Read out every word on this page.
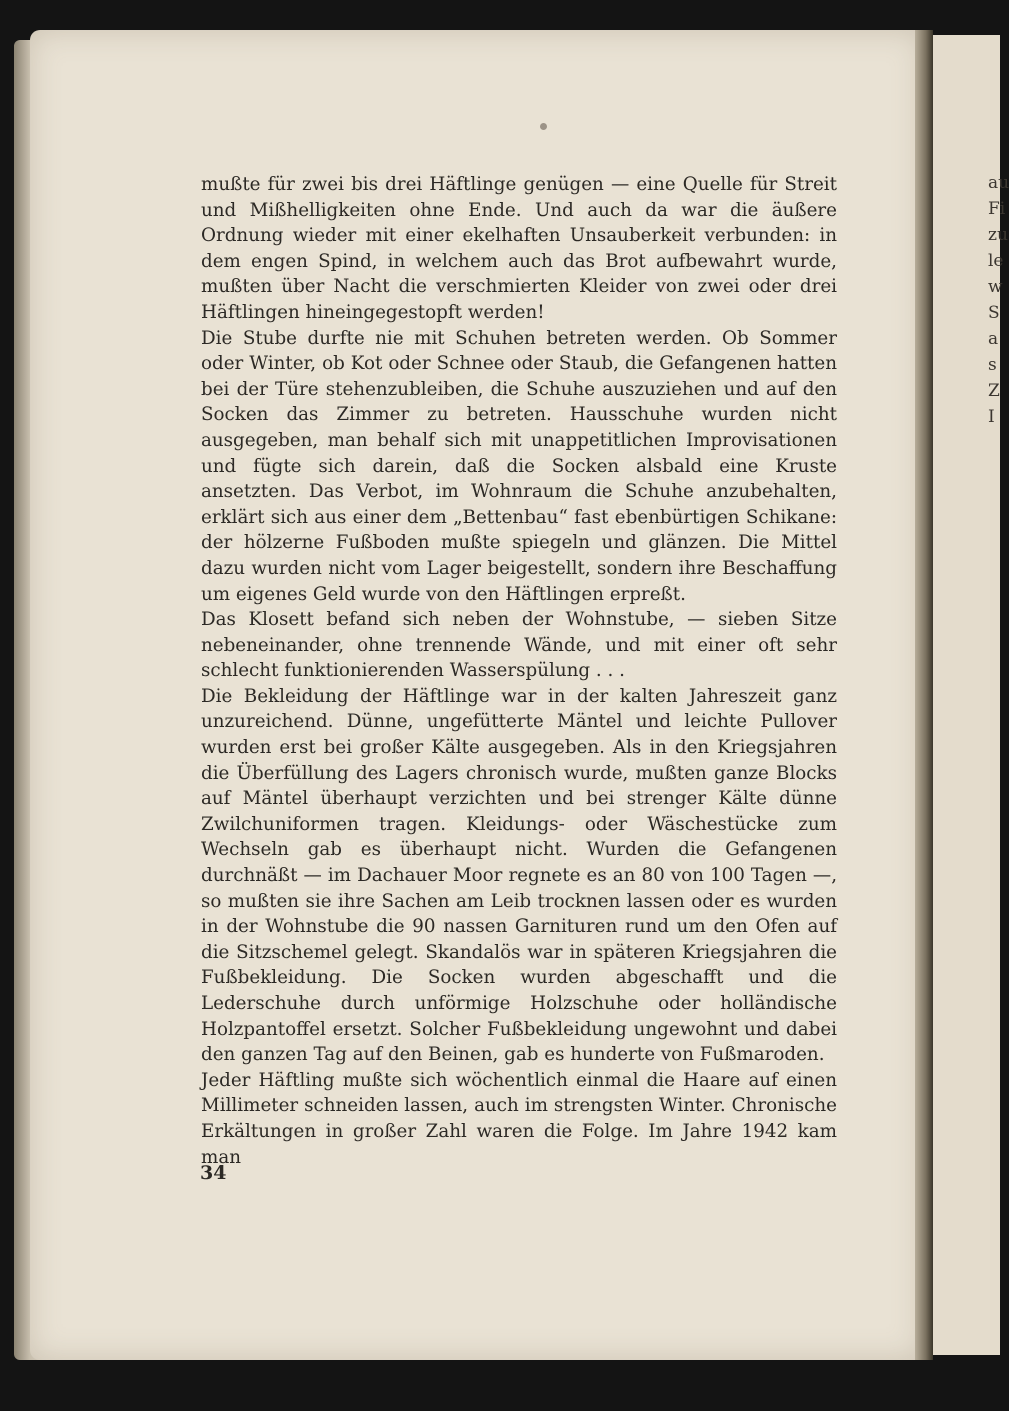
au
Fi
zu
le
w
S
a
s
Z
I

mußte für zwei bis drei Häftlinge genügen — eine Quelle für Streit und Mißhelligkeiten ohne Ende. Und auch da war die äußere Ordnung wieder mit einer ekelhaften Unsauberkeit verbunden: in dem engen Spind, in welchem auch das Brot aufbewahrt wurde, mußten über Nacht die verschmierten Kleider von zwei oder drei Häftlingen hineingegestopft werden!

Die Stube durfte nie mit Schuhen betreten werden. Ob Sommer oder Winter, ob Kot oder Schnee oder Staub, die Gefangenen hatten bei der Türe stehenzubleiben, die Schuhe auszuziehen und auf den Socken das Zimmer zu betreten. Hausschuhe wurden nicht ausgegeben, man behalf sich mit unappetitlichen Improvisationen und fügte sich darein, daß die Socken alsbald eine Kruste ansetzten. Das Verbot, im Wohnraum die Schuhe anzubehalten, erklärt sich aus einer dem „Bettenbau“ fast ebenbürtigen Schikane: der hölzerne Fußboden mußte spiegeln und glänzen. Die Mittel dazu wurden nicht vom Lager beigestellt, sondern ihre Beschaffung um eigenes Geld wurde von den Häftlingen erpreßt.

Das Klosett befand sich neben der Wohnstube, — sieben Sitze nebeneinander, ohne trennende Wände, und mit einer oft sehr schlecht funktionierenden Wasserspülung . . .

Die Bekleidung der Häftlinge war in der kalten Jahreszeit ganz unzureichend. Dünne, ungefütterte Mäntel und leichte Pullover wurden erst bei großer Kälte ausgegeben. Als in den Kriegsjahren die Überfüllung des Lagers chronisch wurde, mußten ganze Blocks auf Mäntel überhaupt verzichten und bei strenger Kälte dünne Zwilchuniformen tragen. Kleidungs- oder Wäschestücke zum Wechseln gab es überhaupt nicht. Wurden die Gefangenen durchnäßt — im Dachauer Moor regnete es an 80 von 100 Tagen —, so mußten sie ihre Sachen am Leib trocknen lassen oder es wurden in der Wohnstube die 90 nassen Garnituren rund um den Ofen auf die Sitzschemel gelegt. Skandalös war in späteren Kriegsjahren die Fußbekleidung. Die Socken wurden abgeschafft und die Lederschuhe durch unförmige Holzschuhe oder holländische Holzpantoffel ersetzt. Solcher Fußbekleidung ungewohnt und dabei den ganzen Tag auf den Beinen, gab es hunderte von Fußmaroden.

Jeder Häftling mußte sich wöchentlich einmal die Haare auf einen Millimeter schneiden lassen, auch im strengsten Winter. Chronische Erkältungen in großer Zahl waren die Folge. Im Jahre 1942 kam man

34
